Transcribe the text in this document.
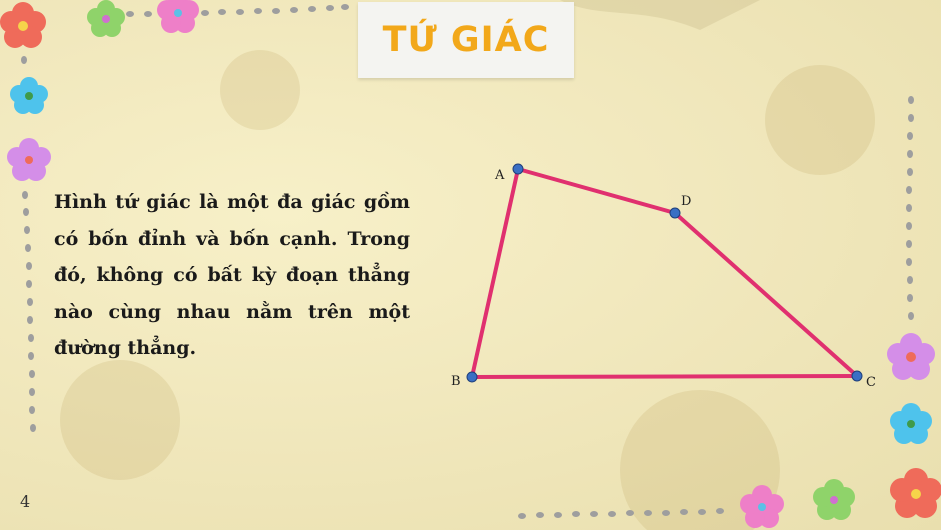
TỨ GIÁC
Hình tứ giác là một đa giác gồm có bốn đỉnh và bốn cạnh. Trong đó, không có bất kỳ đoạn thẳng nào cùng nhau nằm trên một đường thẳng.
A
D
B	C
4
